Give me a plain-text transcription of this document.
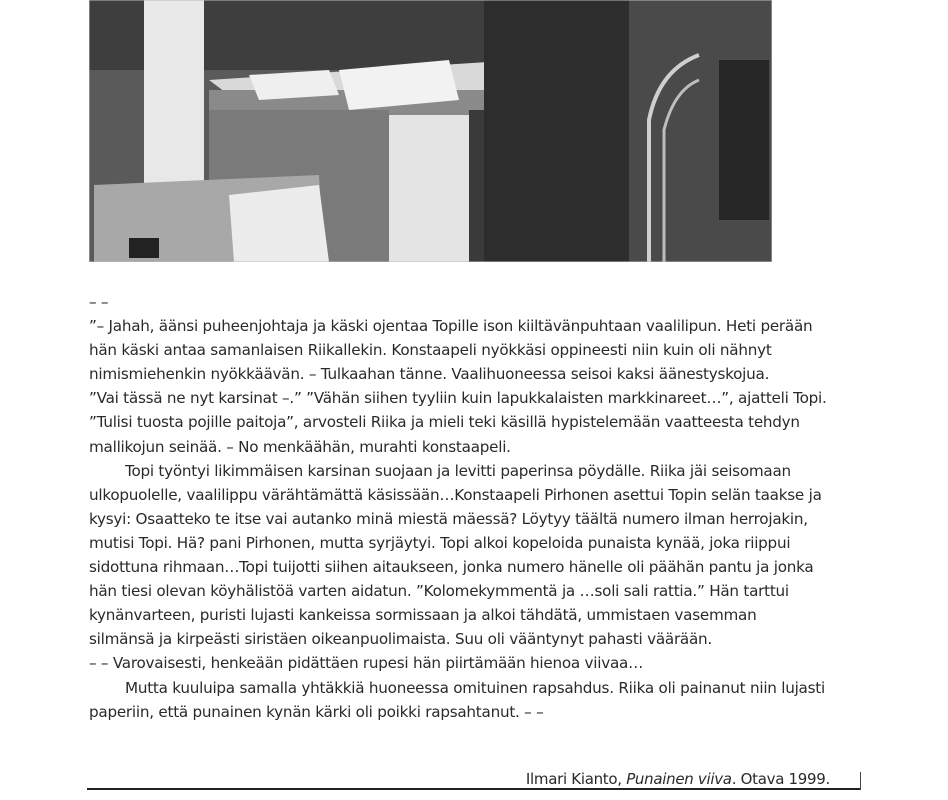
– –
”– Jahah, äänsi puheenjohtaja ja käski ojentaa Topille ison kiiltävänpuhtaan vaalilipun. Heti perään
hän käski antaa samanlaisen Riikallekin. Konstaapeli nyökkäsi oppineesti niin kuin oli nähnyt
nimismiehenkin nyökkäävän. – Tulkaahan tänne. Vaalihuoneessa seisoi kaksi äänestyskojua.
”Vai tässä ne nyt karsinat –.” ”Vähän siihen tyyliin kuin lapukkalaisten markkinareet…”, ajatteli Topi.
”Tulisi tuosta pojille paitoja”, arvosteli Riika ja mieli teki käsillä hypistelemään vaatteesta tehdyn
mallikojun seinää. – No menkäähän, murahti konstaapeli.
Topi työntyi likimmäisen karsinan suojaan ja levitti paperinsa pöydälle. Riika jäi seisomaan
ulkopuolelle, vaalilippu värähtämättä käsissään…Konstaapeli Pirhonen asettui Topin selän taakse ja
kysyi: Osaatteko te itse vai autanko minä miestä mäessä? Löytyy täältä numero ilman herrojakin,
mutisi Topi. Hä? pani Pirhonen, mutta syrjäytyi. Topi alkoi kopeloida punaista kynää, joka riippui
sidottuna rihmaan…Topi tuijotti siihen aitaukseen, jonka numero hänelle oli päähän pantu ja jonka
hän tiesi olevan köyhälistöä varten aidatun. ”Kolomekymmentä ja …soli sali rattia.” Hän tarttui
kynänvarteen, puristi lujasti kankeissa sormissaan ja alkoi tähdätä, ummistaen vasemman
silmänsä ja kirpeästi siristäen oikeanpuolimaista. Suu oli vääntynyt pahasti väärään.
– – Varovaisesti, henkeään pidättäen rupesi hän piirtämään hienoa viivaa…
Mutta kuuluipa samalla yhtäkkiä huoneessa omituinen rapsahdus. Riika oli painanut niin lujasti
paperiin, että punainen kynän kärki oli poikki rapsahtanut. – –
Ilmari Kianto, Punainen viiva. Otava 1999.
